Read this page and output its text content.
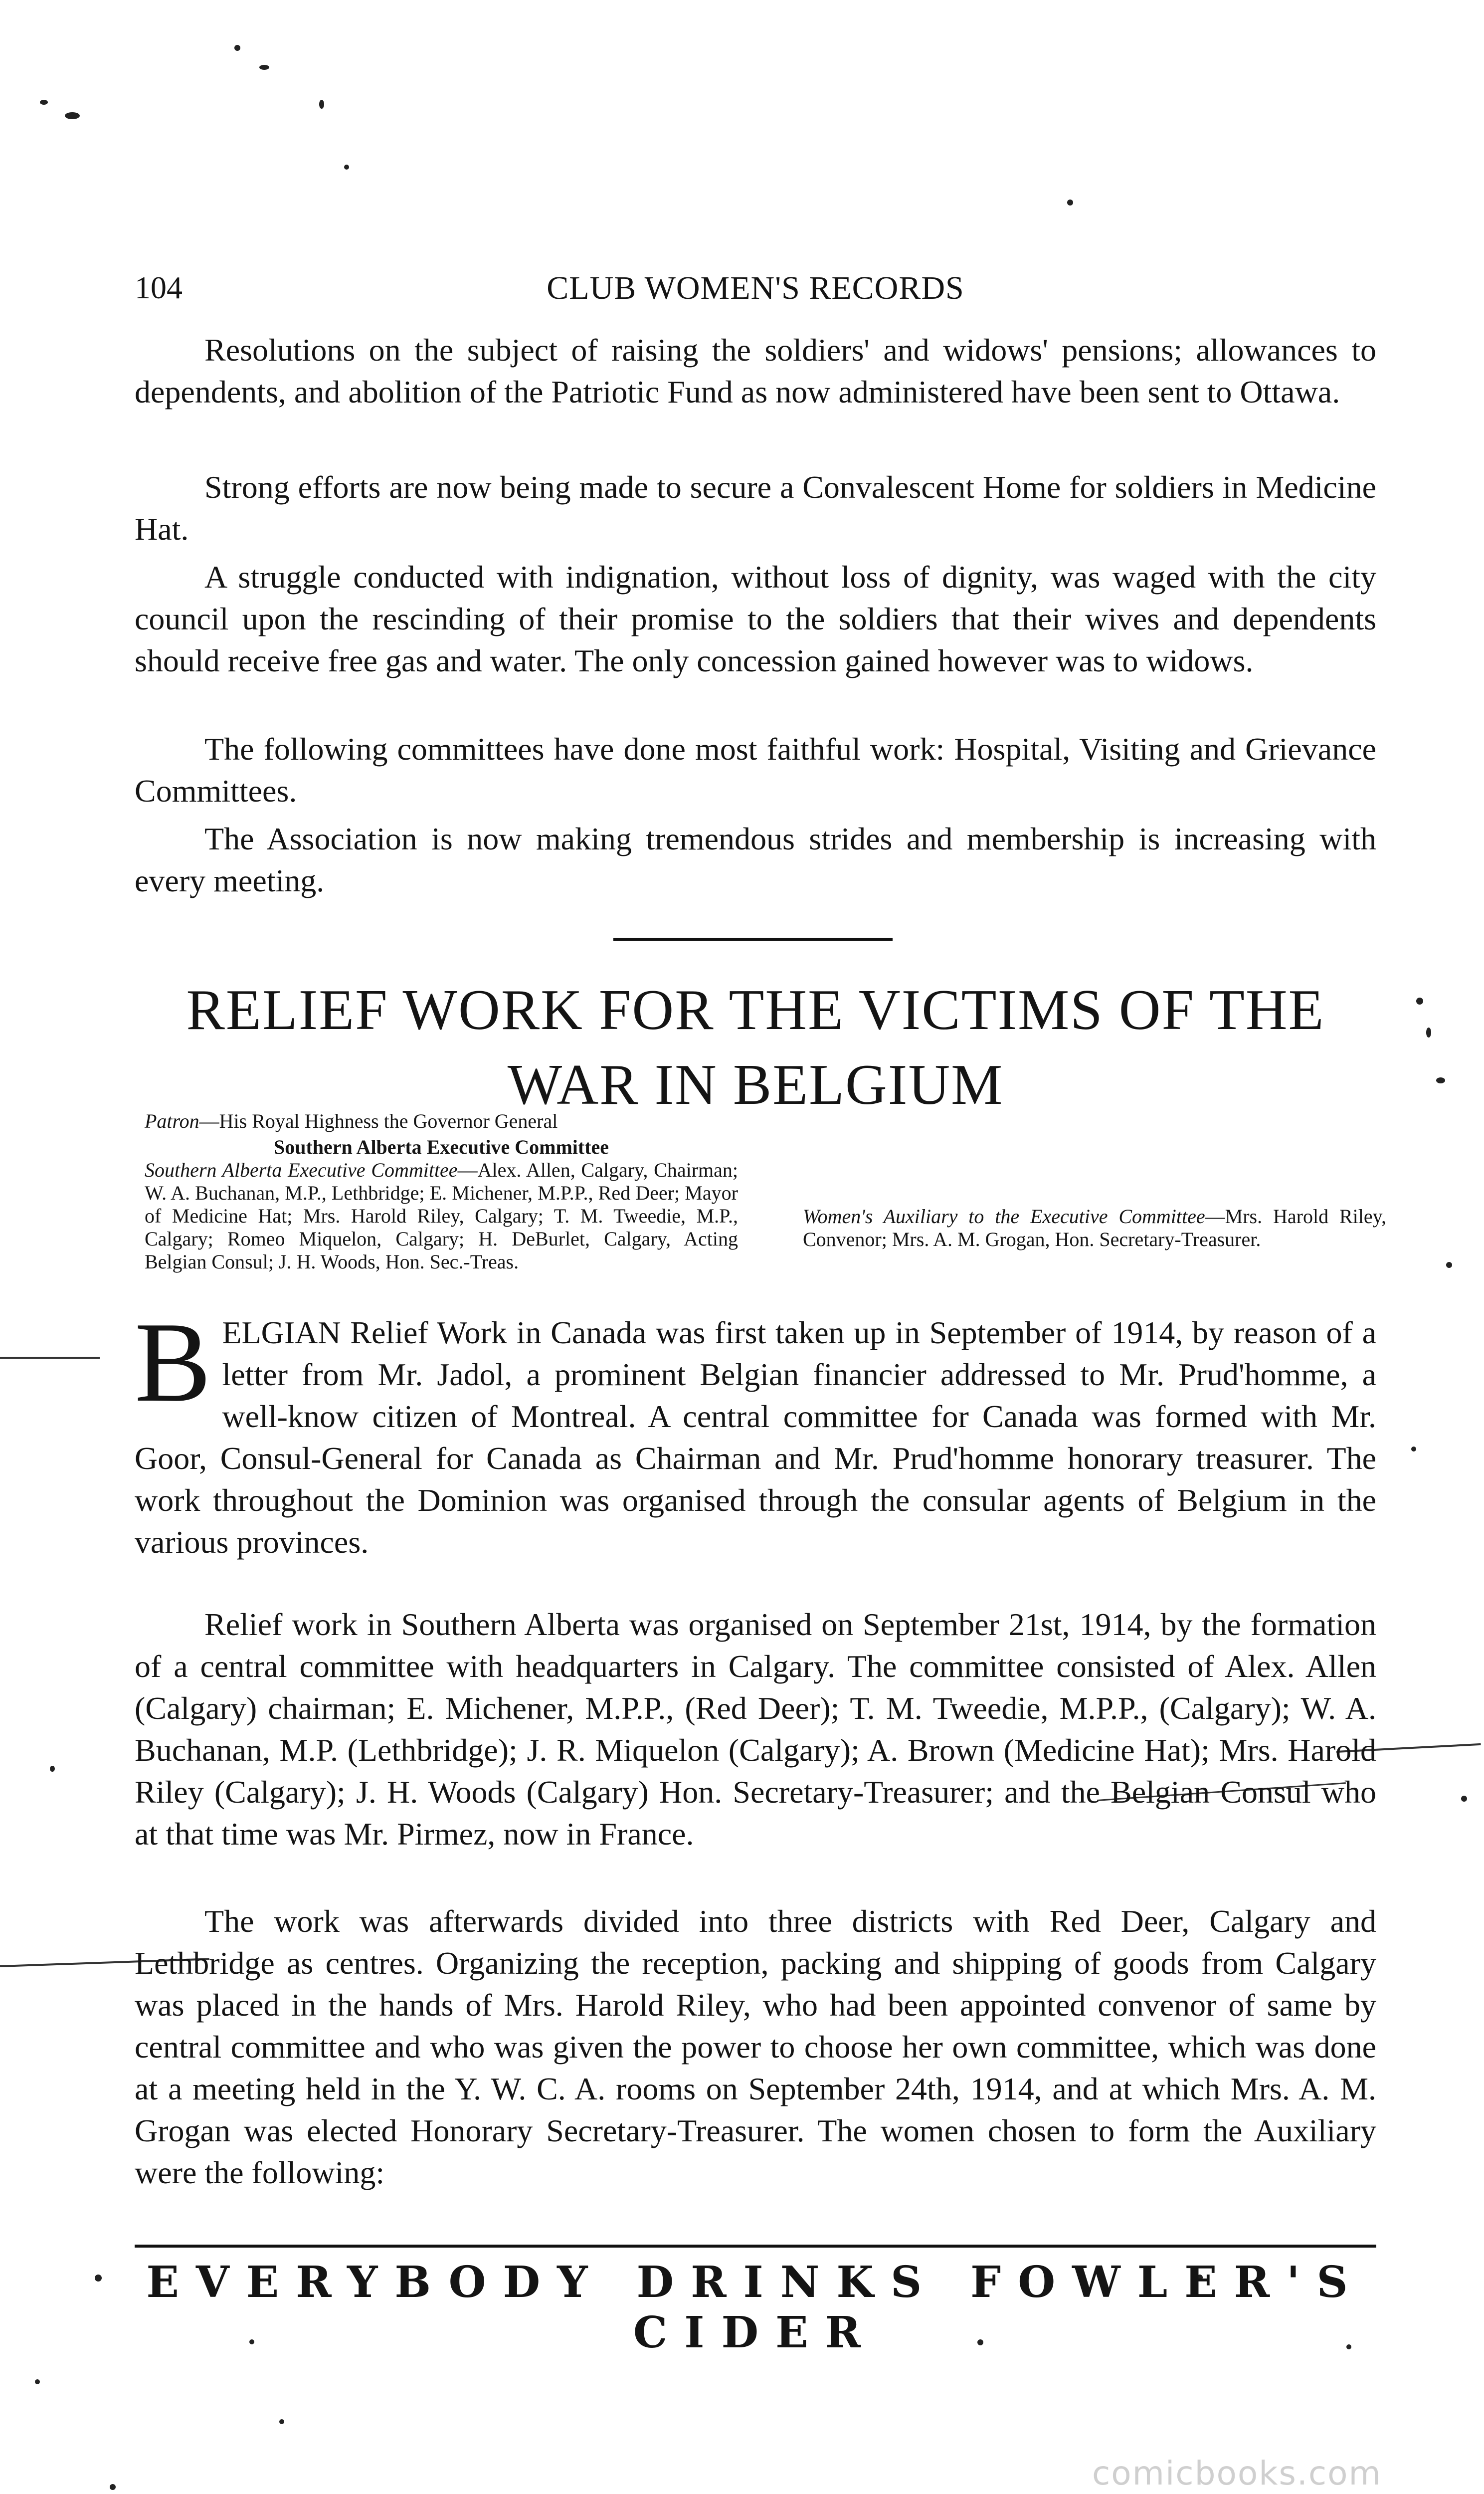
104	CLUB WOMEN'S RECORDS

Resolutions on the subject of raising the soldiers' and widows' pensions; allowances to dependents, and abolition of the Patriotic Fund as now administered have been sent to Ottawa.

Strong efforts are now being made to secure a Convalescent Home for soldiers in Medicine Hat.

A struggle conducted with indignation, without loss of dignity, was waged with the city council upon the rescinding of their promise to the soldiers that their wives and dependents should receive free gas and water. The only concession gained however was to widows.

The following committees have done most faithful work: Hospital, Visiting and Grievance Committees.

The Association is now making tremendous strides and membership is increasing with every meeting.

RELIEF WORK FOR THE VICTIMS OF THE WAR IN BELGIUM
Patron—His Royal Highness the Governor General
Southern Alberta Executive Committee
Southern Alberta Executive Committee—Alex. Allen, Calgary, Chairman; W. A. Buchanan, M.P., Lethbridge; E. Michener, M.P.P., Red Deer; Mayor of Medicine Hat; Mrs. Harold Riley, Calgary; T. M. Tweedie, M.P., Calgary; Romeo Miquelon, Calgary; H. DeBurlet, Calgary, Acting Belgian Consul; J. H. Woods, Hon. Sec.-Treas.
Women's Auxiliary to the Executive Committee—Mrs. Harold Riley, Convenor; Mrs. A. M. Grogan, Hon. Secretary-Treasurer.
BELGIAN Relief Work in Canada was first taken up in September of 1914, by reason of a letter from Mr. Jadol, a prominent Belgian financier addressed to Mr. Prud'homme, a well-know citizen of Montreal. A central committee for Canada was formed with Mr. Goor, Consul-General for Canada as Chairman and Mr. Prud'homme honorary treasurer. The work throughout the Dominion was organised through the consular agents of Belgium in the various provinces.

Relief work in Southern Alberta was organised on September 21st, 1914, by the formation of a central committee with headquarters in Calgary. The committee consisted of Alex. Allen (Calgary) chairman; E. Michener, M.P.P., (Red Deer); T. M. Tweedie, M.P.P., (Calgary); W. A. Buchanan, M.P. (Lethbridge); J. R. Miquelon (Calgary); A. Brown (Medicine Hat); Mrs. Harold Riley (Calgary); J. H. Woods (Calgary) Hon. Secretary-Treasurer; and the Belgian Consul who at that time was Mr. Pirmez, now in France.

The work was afterwards divided into three districts with Red Deer, Calgary and Lethbridge as centres. Organizing the reception, packing and shipping of goods from Calgary was placed in the hands of Mrs. Harold Riley, who had been appointed convenor of same by central committee and who was given the power to choose her own committee, which was done at a meeting held in the Y. W. C. A. rooms on September 24th, 1914, and at which Mrs. A. M. Grogan was elected Honorary Secretary-Treasurer. The women chosen to form the Auxiliary were the following:

EVERYBODY DRINKS FOWLER'S CIDER

comicbooks.com
